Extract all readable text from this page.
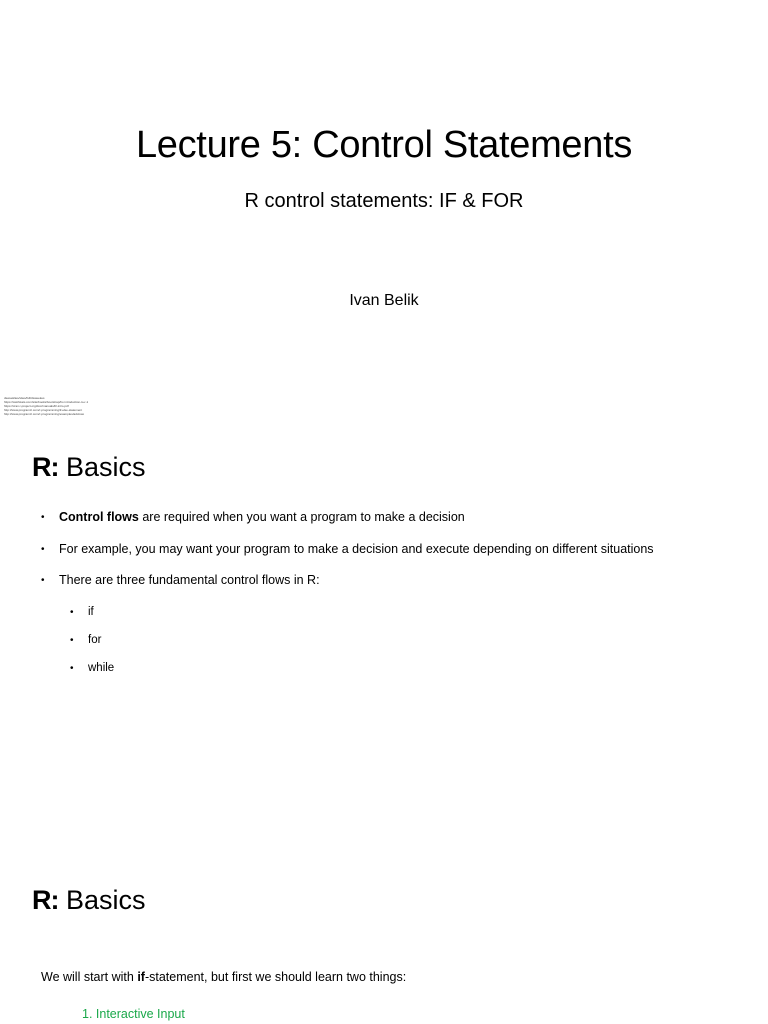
Lecture 5: Control Statements
R control statements: IF & FOR
Ivan Belik
dsweeklies/sites/full/dsweekes
https://swirlstats.com/site/books/bootstrap/bo introduction-to-r-1
https://cran.r-project.org/doc/manuals/R-intro.pdf
http://www.programiz.com/r-programming/if-else-statement
http://www.programiz.com/r-programming/examples/add-two
R: Basics
• Control flows are required when you want a program to make a decision
• For example, you may want your program to make a decision and execute depending on different situations
• There are three fundamental control flows in R:
• if
• for
• while
R: Basics
We will start with if-statement, but first we should learn two things:
1. Interactive Input
